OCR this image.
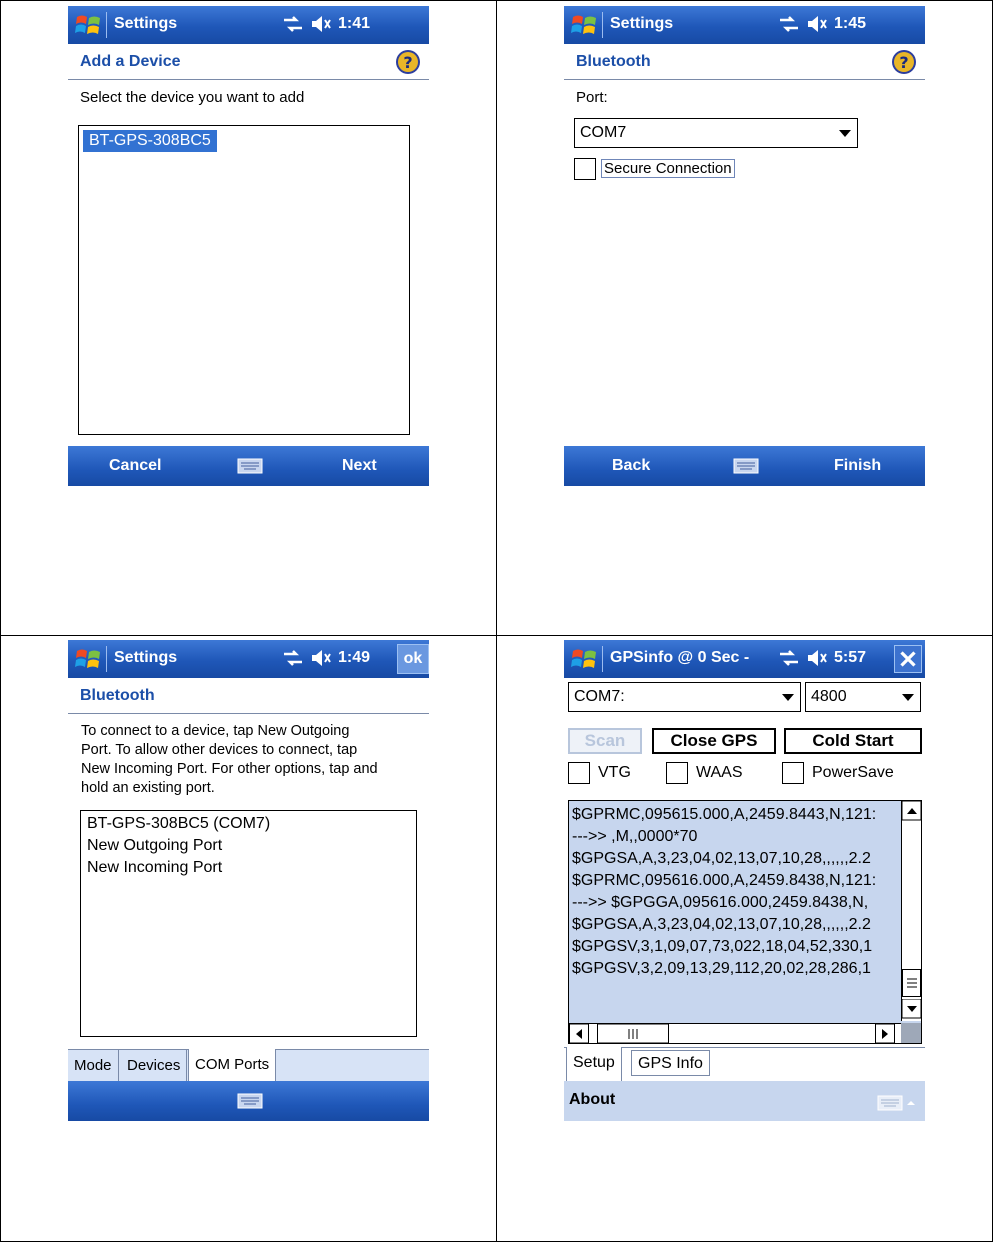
Settings	1:41
Add a Device	?
Select the device you want to add
BT-GPS-308BC5
Cancel	Next
Settings	1:45
Bluetooth	?
Port:
COM7
Secure Connection
Back	Finish
Settings	1:49	ok
Bluetooth
To connect to a device, tap New Outgoing
Port. To allow other devices to connect, tap
New Incoming Port. For other options, tap and
hold an existing port.
BT-GPS-308BC5 (COM7)
New Outgoing Port
New Incoming Port
Mode	Devices COM Ports
GPSinfo @ 0 Sec -	5:57
COM7:	4800
Scan	Close GPS	Cold Start
VTG	WAAS	PowerSave
$GPRMC,095615.000,A,2459.8443,N,121:
--->> ,M,,0000*70
$GPGSA,A,3,23,04,02,13,07,10,28,,,,,,2.2
$GPRMC,095616.000,A,2459.8438,N,121:
--->> $GPGGA,095616.000,2459.8438,N,
$GPGSA,A,3,23,04,02,13,07,10,28,,,,,,2.2
$GPGSV,3,1,09,07,73,022,18,04,52,330,1
$GPGSV,3,2,09,13,29,112,20,02,28,286,1
Setup	GPS Info
About
